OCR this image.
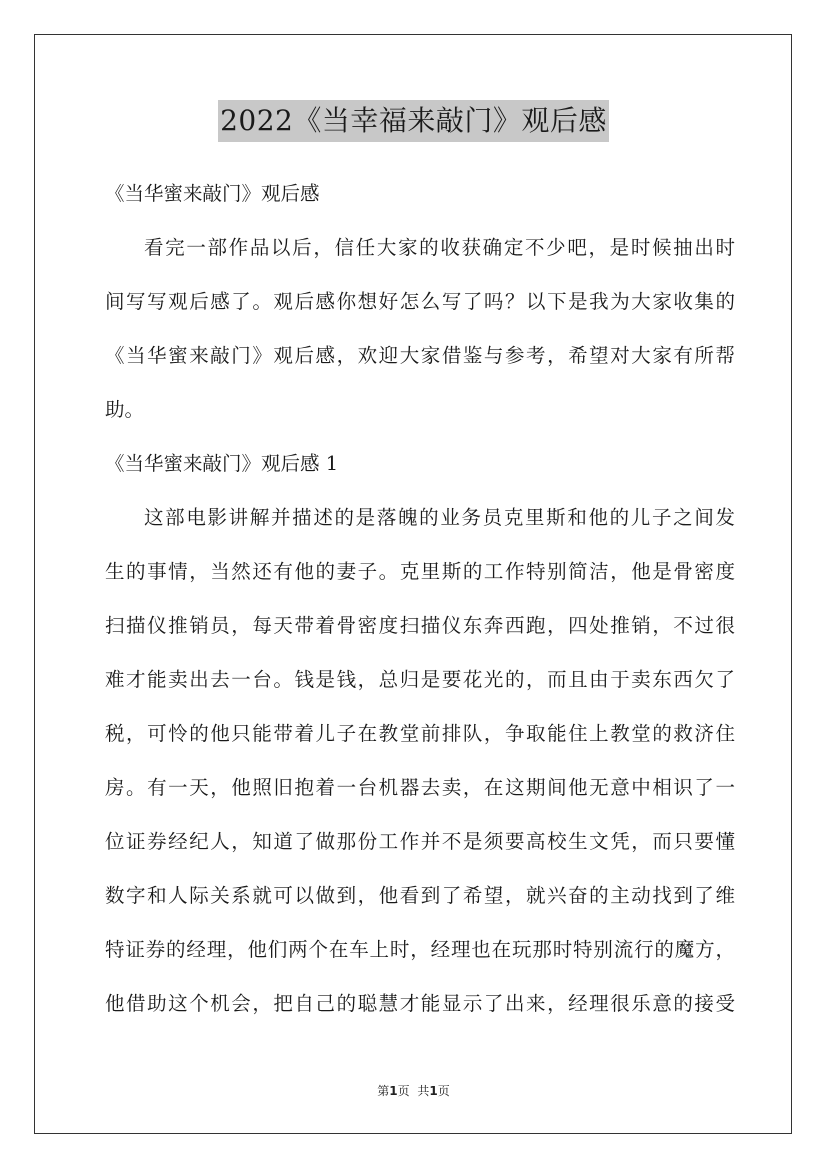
2022《当幸福来敲门》观后感
《当华蜜来敲门》观后感
看完一部作品以后，信任大家的收获确定不少吧，是时候抽出时
间写写观后感了。观后感你想好怎么写了吗？以下是我为大家收集的
《当华蜜来敲门》观后感，欢迎大家借鉴与参考，希望对大家有所帮
助。
《当华蜜来敲门》观后感 1
这部电影讲解并描述的是落魄的业务员克里斯和他的儿子之间发
生的事情，当然还有他的妻子。克里斯的工作特别简洁，他是骨密度
扫描仪推销员，每天带着骨密度扫描仪东奔西跑，四处推销，不过很
难才能卖出去一台。钱是钱，总归是要花光的，而且由于卖东西欠了
税，可怜的他只能带着儿子在教堂前排队，争取能住上教堂的救济住
房。有一天，他照旧抱着一台机器去卖，在这期间他无意中相识了一
位证券经纪人，知道了做那份工作并不是须要高校生文凭，而只要懂
数字和人际关系就可以做到，他看到了希望，就兴奋的主动找到了维
特证券的经理，他们两个在车上时，经理也在玩那时特别流行的魔方，
他借助这个机会，把自己的聪慧才能显示了出来，经理很乐意的接受
第1页 共1页
